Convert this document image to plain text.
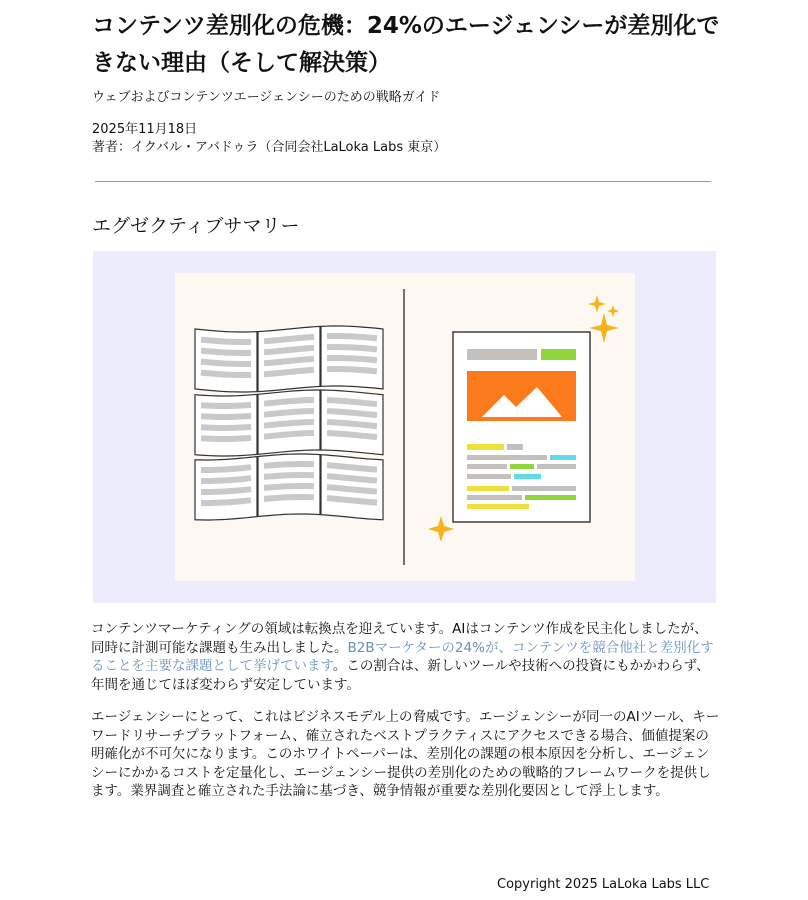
コンテンツ差別化の危機：24%のエージェンシーが差別化できない理由（そして解決策）

ウェブおよびコンテンツエージェンシーのための戦略ガイド

2025年11月18日

著者：イクバル・アバドゥラ（合同会社LaLoka Labs 東京）

エグゼクティブサマリー

コンテンツマーケティングの領域は転換点を迎えています。AIはコンテンツ作成を民主化しましたが、同時に計測可能な課題も生み出しました。B2Bマーケターの24%が、コンテンツを競合他社と差別化することを主要な課題として挙げています。この割合は、新しいツールや技術への投資にもかかわらず、年間を通じてほぼ変わらず安定しています。

エージェンシーにとって、これはビジネスモデル上の脅威です。エージェンシーが同一のAIツール、キーワードリサーチプラットフォーム、確立されたベストプラクティスにアクセスできる場合、価値提案の明確化が不可欠になります。このホワイトペーパーは、差別化の課題の根本原因を分析し、エージェンシーにかかるコストを定量化し、エージェンシー提供の差別化のための戦略的フレームワークを提供します。業界調査と確立された手法論に基づき、競争情報が重要な差別化要因として浮上します。

Copyright 2025 LaLoka Labs LLC
